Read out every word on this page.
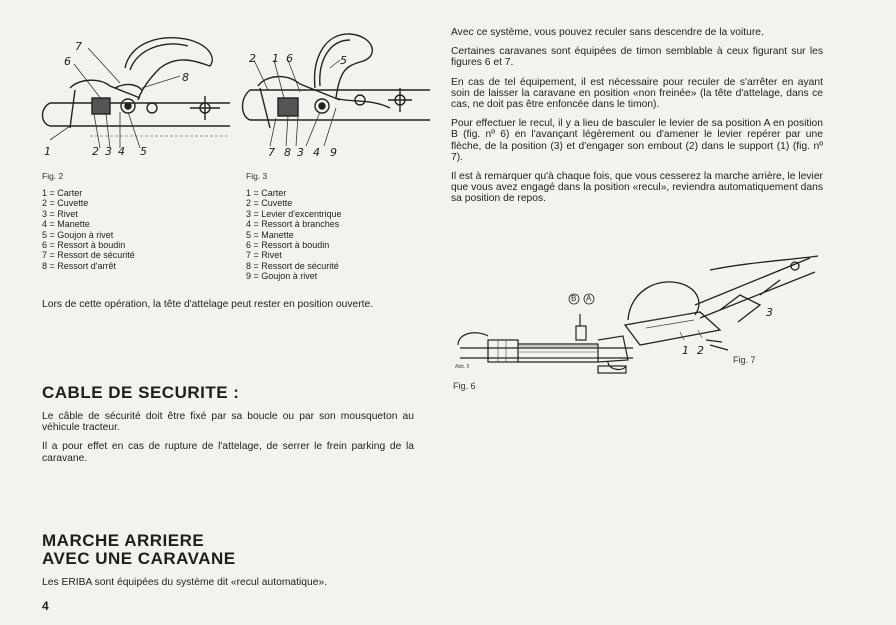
7
6
8
1	2 3 4 5
2 1 6	5
7 8 3 4 9
Fig. 2	Fig. 3
1 = Carter
2 = Cuvette
3 = Rivet
4 = Manette
5 = Goujon à rivet
6 = Ressort à boudin
7 = Ressort de sécurité
8 = Ressort d'arrêt
1 = Carter
2 = Cuvette
3 = Levier d'excentrique
4 = Ressort à branches
5 = Manette
6 = Ressort à boudin
7 = Rivet
8 = Ressort de sécurité
9 = Goujon à rivet

Lors de cette opération, la tête d'attelage peut rester en position ouverte.

CABLE DE SECURITE :

Le câble de sécurité doit être fixé par sa boucle ou par son mousqueton au véhicule tracteur.

Il a pour effet en cas de rupture de l'attelage, de serrer le frein parking de la caravane.

MARCHE ARRIERE
AVEC UNE CARAVANE

Les ERIBA sont équipées du système dit «recul automatique».

4

Avec ce système, vous pouvez reculer sans descendre de la voiture.

Certaines caravanes sont équipées de timon semblable à ceux figurant sur les figures 6 et 7.

En cas de tel équipement, il est nécessaire pour reculer de s'arrêter en ayant soin de laisser la caravane en position «non freinée» (la tête d'attelage, dans ce cas, ne doit pas être enfoncée dans le timon).

Pour effectuer le recul, il y a lieu de basculer le levier de sa position A en position B (fig. nº 6) en l'avançant légèrement ou d'amener le levier repérer par une flèche, de la position (3) et d'engager son embout (2) dans le support (1) (fig. nº 7).

Il est à remarquer qu'à chaque fois, que vous cesserez la marche arrière, le levier que vous avez engagé dans la position «recul», reviendra automatiquement dans sa position de repos.

B A
Abb. 5
Fig. 6
3
1 2
Fig. 7
